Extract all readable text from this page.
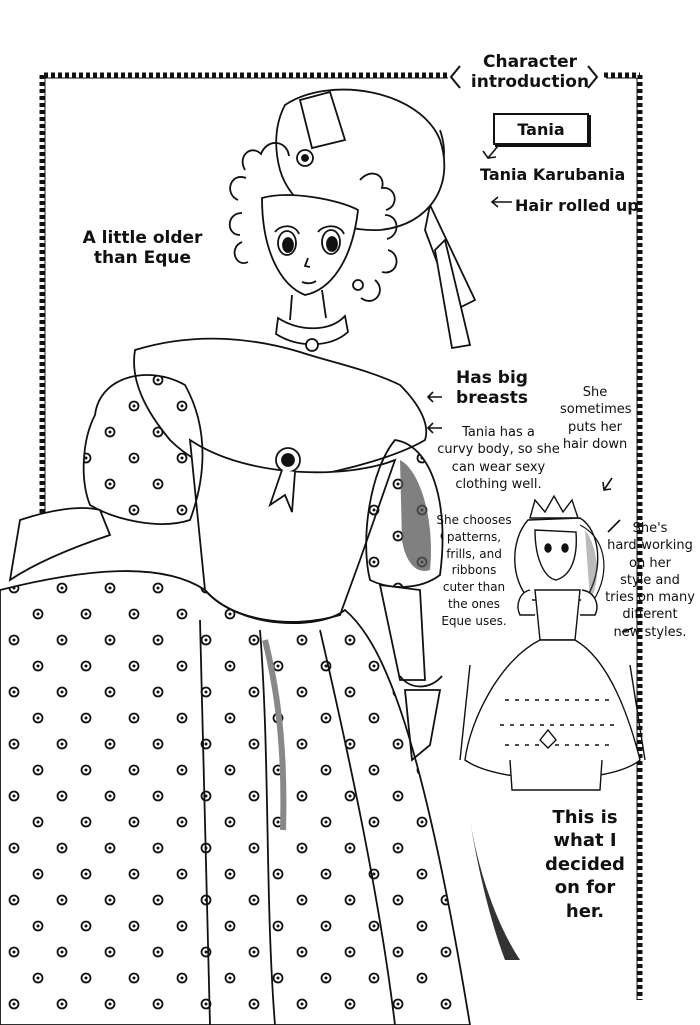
Character
introduction
Tania
Tania Karubania
Hair rolled up
A little older
than Eque
Has big
breasts
Tania has a
curvy body, so she
can wear sexy
clothing well.
She
sometimes
puts her
hair down
She chooses
patterns,
frills, and
ribbons
cuter than
the ones
Eque uses.
She's
hard-working
on her
style and
tries on many
different
new styles.
This is
what I
decided
on for
her.
